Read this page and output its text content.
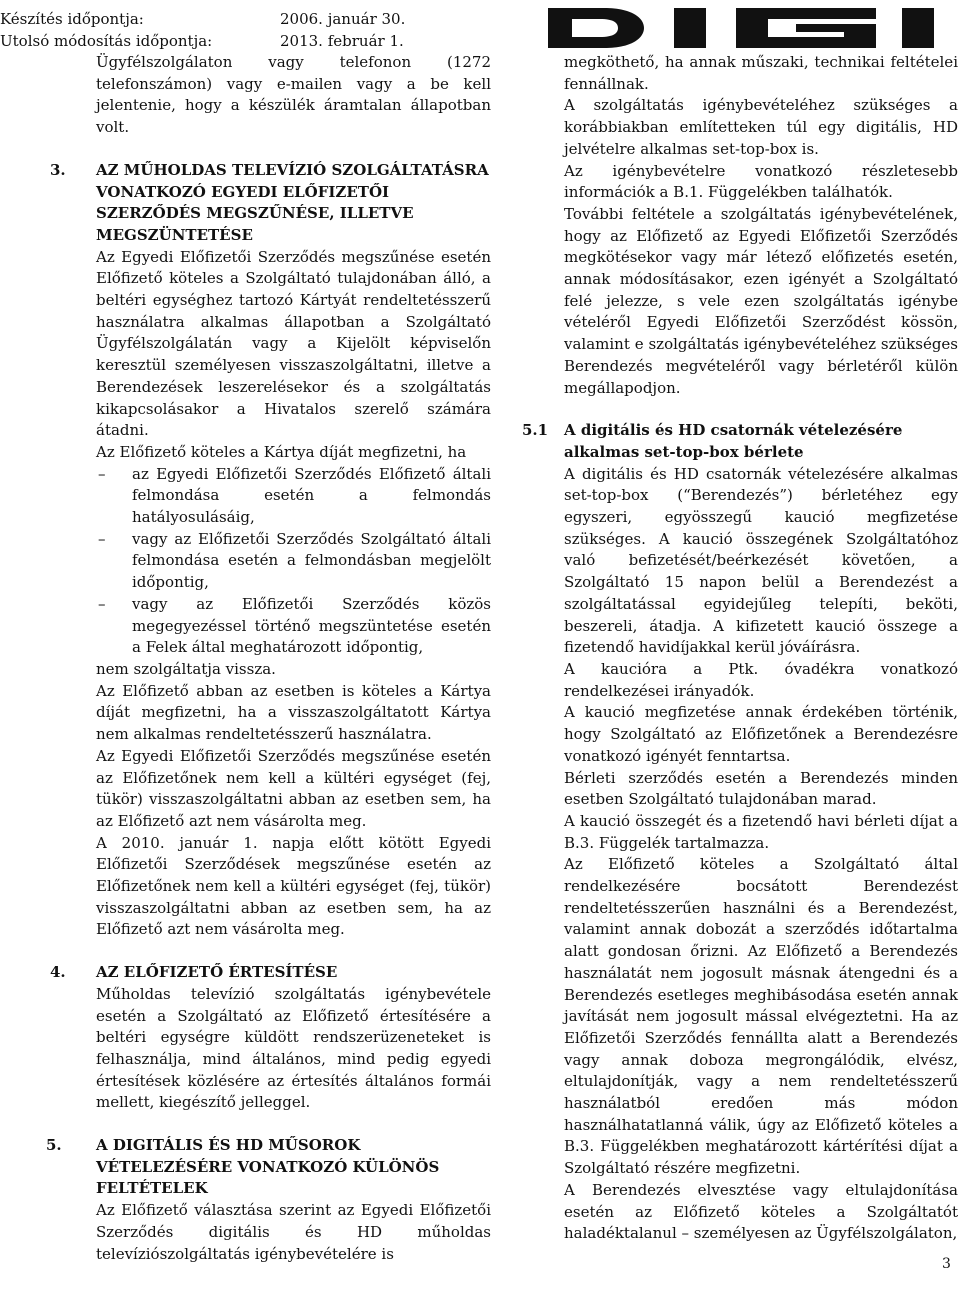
Készítés időpontja:	2006. január 30.
Utolsó módosítás időpontja:	2013. február 1.

Ügyfélszolgálaton vagy telefonon (1272 telefonszámon) vagy e-mailen vagy a be kell jelentenie, hogy a készülék áramtalan állapotban volt.

3. AZ MŰHOLDAS TELEVÍZIÓ SZOLGÁLTATÁSRA VONATKOZÓ EGYEDI ELŐFIZETŐI SZERZŐDÉS MEGSZŰNÉSE, ILLETVE MEGSZÜNTETÉSE

Az Egyedi Előfizetői Szerződés megszűnése esetén Előfizető köteles a Szolgáltató tulajdonában álló, a beltéri egységhez tartozó Kártyát rendeltetésszerű használatra alkalmas állapotban a Szolgáltató Ügyfélszolgálatán vagy a Kijelölt képviselőn keresztül személyesen visszaszolgáltatni, illetve a Berendezések leszerelésekor és a szolgáltatás kikapcsolásakor a Hivatalos szerelő számára átadni.

Az Előfizető köteles a Kártya díját megfizetni, ha

– az Egyedi Előfizetői Szerződés Előfizető általi felmondása esetén a felmondás hatályosulásáig,

– vagy az Előfizetői Szerződés Szolgáltató általi felmondása esetén a felmondásban megjelölt időpontig,

– vagy az Előfizetői Szerződés közös megegyezéssel történő megszüntetése esetén a Felek által meghatározott időpontig,

nem szolgáltatja vissza.

Az Előfizető abban az esetben is köteles a Kártya díját megfizetni, ha a visszaszolgáltatott Kártya nem alkalmas rendeltetésszerű használatra.

Az Egyedi Előfizetői Szerződés megszűnése esetén az Előfizetőnek nem kell a kültéri egységet (fej, tükör) visszaszolgáltatni abban az esetben sem, ha az Előfizető azt nem vásárolta meg.

A 2010. január 1. napja előtt kötött Egyedi Előfizetői Szerződések megszűnése esetén az Előfizetőnek nem kell a kültéri egységet (fej, tükör) visszaszolgáltatni abban az esetben sem, ha az Előfizető azt nem vásárolta meg.

4. AZ ELŐFIZETŐ ÉRTESÍTÉSE

Műholdas televízió szolgáltatás igénybevétele esetén a Szolgáltató az Előfizető értesítésére a beltéri egységre küldött rendszerüzeneteket is felhasználja, mind általános, mind pedig egyedi értesítések közlésére az értesítés általános formái mellett, kiegészítő jelleggel.

5. A DIGITÁLIS ÉS HD MŰSOROK VÉTELEZÉSÉRE VONATKOZÓ KÜLÖNÖS FELTÉTELEK

Az Előfizető választása szerint az Egyedi Előfizetői Szerződés digitális és HD műholdas televíziószolgáltatás igénybevételére is

megköthető, ha annak műszaki, technikai feltételei fennállnak.

A szolgáltatás igénybevételéhez szükséges a korábbiakban említetteken túl egy digitális, HD jelvételre alkalmas set-top-box is.

Az igénybevételre vonatkozó részletesebb információk a B.1. Függelékben találhatók.

További feltétele a szolgáltatás igénybevételének, hogy az Előfizető az Egyedi Előfizetői Szerződés megkötésekor vagy már létező előfizetés esetén, annak módosításakor, ezen igényét a Szolgáltató felé jelezze, s vele ezen szolgáltatás igénybe vételéről Egyedi Előfizetői Szerződést kössön, valamint e szolgáltatás igénybevételéhez szükséges Berendezés megvételéről vagy bérletéről külön megállapodjon.

5.1 A digitális és HD csatornák vételezésére alkalmas set-top-box bérlete

A digitális és HD csatornák vételezésére alkalmas set-top-box (“Berendezés”) bérletéhez egy egyszeri, egyösszegű kaució megfizetése szükséges. A kaució összegének Szolgáltatóhoz való befizetését/beérkezését követően, a Szolgáltató 15 napon belül a Berendezést a szolgáltatással egyidejűleg telepíti, beköti, beszereli, átadja. A kifizetett kaució összege a fizetendő havidíjakkal kerül jóváírásra.

A kaucióra a Ptk. óvadékra vonatkozó rendelkezései irányadók.

A kaució megfizetése annak érdekében történik, hogy Szolgáltató az Előfizetőnek a Berendezésre vonatkozó igényét fenntartsa.

Bérleti szerződés esetén a Berendezés minden esetben Szolgáltató tulajdonában marad.

A kaució összegét és a fizetendő havi bérleti díjat a B.3. Függelék tartalmazza.

Az Előfizető köteles a Szolgáltató által rendelkezésére bocsátott Berendezést rendeltetésszerűen használni és a Berendezést, valamint annak dobozát a szerződés időtartalma alatt gondosan őrizni. Az Előfizető a Berendezés használatát nem jogosult másnak átengedni és a Berendezés esetleges meghibásodása esetén annak javítását nem jogosult mással elvégeztetni. Ha az Előfizetői Szerződés fennállta alatt a Berendezés vagy annak doboza megrongálódik, elvész, eltulajdonítják, vagy a nem rendeltetésszerű használatból eredően más módon használhatatlanná válik, úgy az Előfizető köteles a B.3. Függelékben meghatározott kártérítési díjat a Szolgáltató részére megfizetni.

A Berendezés elvesztése vagy eltulajdonítása esetén az Előfizető köteles a Szolgáltatót haladéktalanul – személyesen az Ügyfélszolgálaton,

3
